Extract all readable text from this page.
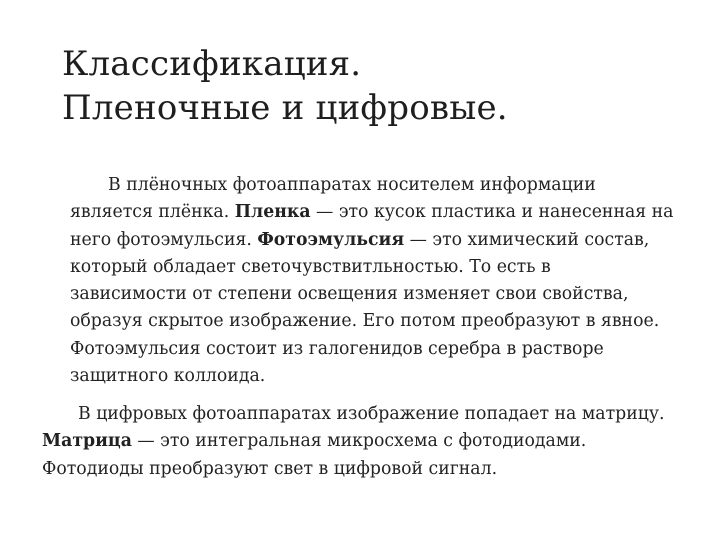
Классификация.
Пленочные и цифровые.

В плёночных фотоаппаратах носителем информации
является плёнка. Пленка — это кусок пластика и нанесенная на
него фотоэмульсия. Фотоэмульсия — это химический состав,
который обладает светочувствитльностью. То есть в
зависимости от степени освещения изменяет свои свойства,
образуя скрытое изображение. Его потом преобразуют в явное.
Фотоэмульсия состоит из галогенидов серебра в растворе
защитного коллоида.

В цифровых фотоаппаратах изображение попадает на матрицу.
Матрица — это интегральная микросхема с фотодиодами.
Фотодиоды преобразуют свет в цифровой сигнал.
